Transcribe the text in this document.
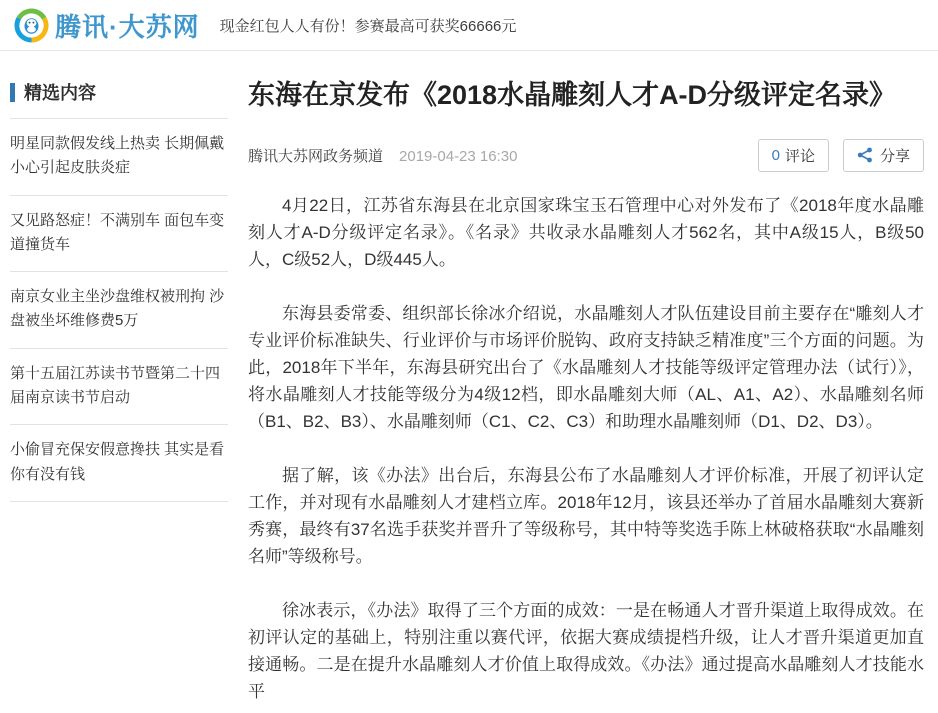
腾讯·大苏网 现金红包人人有份！参赛最高可获奖66666元
精选内容
明星同款假发线上热卖 长期佩戴小心引起皮肤炎症
又见路怒症！不满别车 面包车变道撞货车
南京女业主坐沙盘维权被刑拘 沙盘被坐坏维修费5万
第十五届江苏读书节暨第二十四届南京读书节启动
小偷冒充保安假意搀扶 其实是看你有没有钱
东海在京发布《2018水晶雕刻人才A-D分级评定名录》
腾讯大苏网政务频道 2019-04-23 16:30	0 评论	分享

4月22日，江苏省东海县在北京国家珠宝玉石管理中心对外发布了《2018年度水晶雕刻人才A-D分级评定名录》。《名录》共收录水晶雕刻人才562名，其中A级15人，B级50人，C级52人，D级445人。

东海县委常委、组织部长徐冰介绍说，水晶雕刻人才队伍建设目前主要存在“雕刻人才专业评价标准缺失、行业评价与市场评价脱钩、政府支持缺乏精准度”三个方面的问题。为此，2018年下半年，东海县研究出台了《水晶雕刻人才技能等级评定管理办法（试行）》，将水晶雕刻人才技能等级分为4级12档，即水晶雕刻大师（AL、A1、A2）、水晶雕刻名师（B1、B2、B3）、水晶雕刻师（C1、C2、C3）和助理水晶雕刻师（D1、D2、D3）。

据了解，该《办法》出台后，东海县公布了水晶雕刻人才评价标准，开展了初评认定工作，并对现有水晶雕刻人才建档立库。2018年12月，该县还举办了首届水晶雕刻大赛新秀赛，最终有37名选手获奖并晋升了等级称号，其中特等奖选手陈上林破格获取“水晶雕刻名师”等级称号。

徐冰表示，《办法》取得了三个方面的成效：一是在畅通人才晋升渠道上取得成效。在初评认定的基础上，特别注重以赛代评，依据大赛成绩提档升级，让人才晋升渠道更加直接通畅。二是在提升水晶雕刻人才价值上取得成效。《办法》通过提高水晶雕刻人才技能水平
